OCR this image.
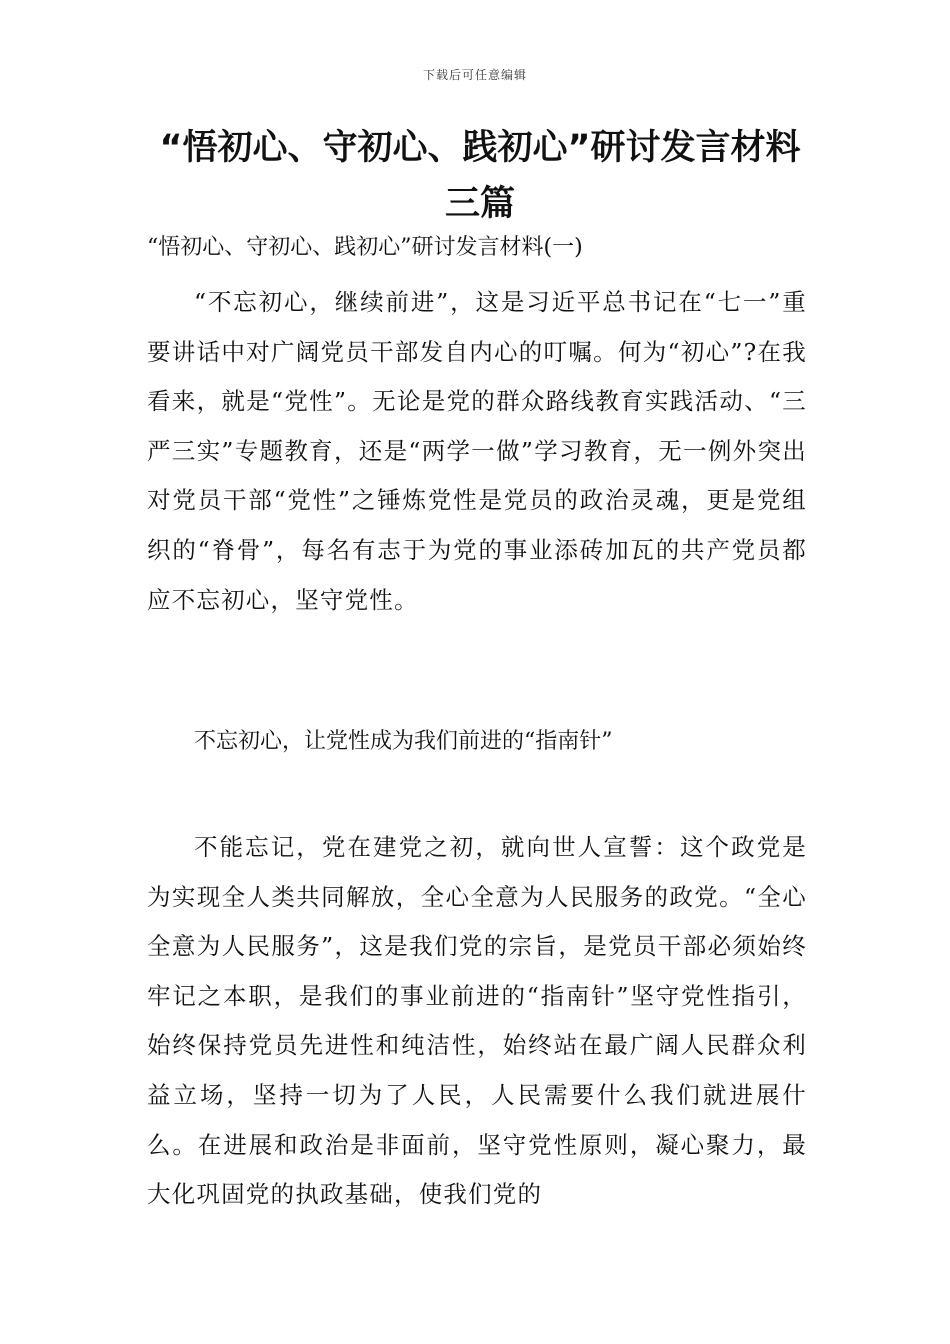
下载后可任意编辑
“悟初心、守初心、践初心”研讨发言材料三篇

“悟初心、守初心、践初心”研讨发言材料(一)

“不忘初心，继续前进”，这是习近平总书记在“七一”重要讲话中对广阔党员干部发自内心的叮嘱。何为“初心”?在我看来，就是“党性”。无论是党的群众路线教育实践活动、“三严三实”专题教育，还是“两学一做”学习教育，无一例外突出对党员干部“党性”之锤炼党性是党员的政治灵魂，更是党组织的“脊骨”，每名有志于为党的事业添砖加瓦的共产党员都应不忘初心，坚守党性。

不忘初心，让党性成为我们前进的“指南针”

不能忘记，党在建党之初，就向世人宣誓：这个政党是为实现全人类共同解放，全心全意为人民服务的政党。“全心全意为人民服务”，这是我们党的宗旨，是党员干部必须始终牢记之本职，是我们的事业前进的“指南针”坚守党性指引，始终保持党员先进性和纯洁性，始终站在最广阔人民群众利益立场，坚持一切为了人民，人民需要什么我们就进展什么。在进展和政治是非面前，坚守党性原则，凝心聚力，最大化巩固党的执政基础，使我们党的
